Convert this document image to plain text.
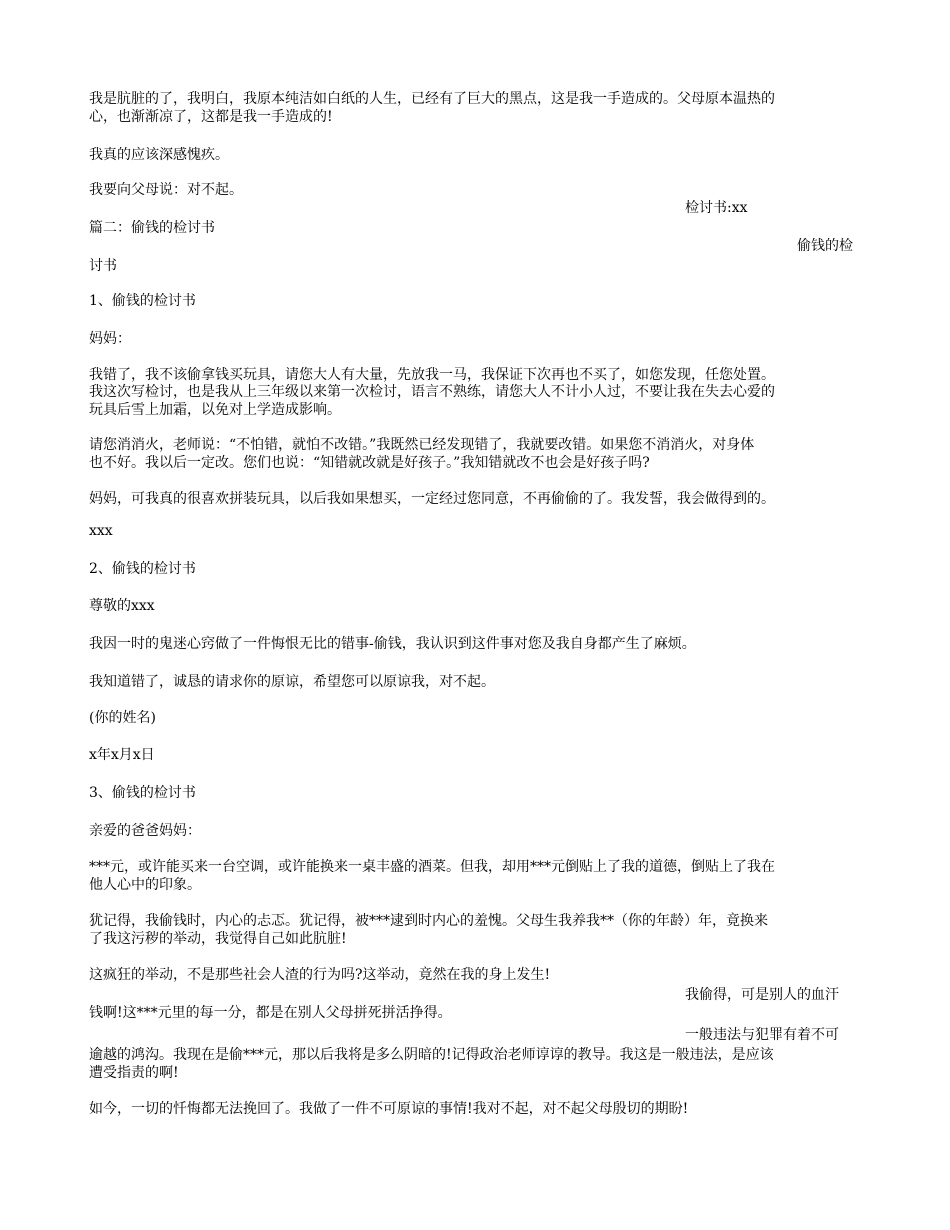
我是肮脏的了，我明白，我原本纯洁如白纸的人生，已经有了巨大的黑点，这是我一手造成的。父母原本温热的

心，也渐渐凉了，这都是我一手造成的!

我真的应该深感愧疚。

我要向父母说：对不起。

检讨书:xx

篇二：偷钱的检讨书

偷钱的检

讨书

1、偷钱的检讨书

妈妈：

我错了，我不该偷拿钱买玩具，请您大人有大量，先放我一马，我保证下次再也不买了，如您发现，任您处置。

我这次写检讨，也是我从上三年级以来第一次检讨，语言不熟练，请您大人不计小人过，不要让我在失去心爱的

玩具后雪上加霜，以免对上学造成影响。

请您消消火，老师说：“不怕错，就怕不改错。”我既然已经发现错了，我就要改错。如果您不消消火，对身体

也不好。我以后一定改。您们也说：“知错就改就是好孩子。”我知错就改不也会是好孩子吗?

妈妈，可我真的很喜欢拼装玩具，以后我如果想买，一定经过您同意，不再偷偷的了。我发誓，我会做得到的。

xxx

2、偷钱的检讨书

尊敬的xxx

我因一时的鬼迷心窍做了一件悔恨无比的错事-偷钱，我认识到这件事对您及我自身都产生了麻烦。

我知道错了，诚恳的请求你的原谅，希望您可以原谅我，对不起。

(你的姓名)

x年x月x日

3、偷钱的检讨书

亲爱的爸爸妈妈：

***元，或许能买来一台空调，或许能换来一桌丰盛的酒菜。但我，却用***元倒贴上了我的道德，倒贴上了我在

他人心中的印象。

犹记得，我偷钱时，内心的忐忑。犹记得，被***逮到时内心的羞愧。父母生我养我**（你的年龄）年，竟换来

了我这污秽的举动，我觉得自己如此肮脏!

这疯狂的举动，不是那些社会人渣的行为吗?这举动，竟然在我的身上发生!

我偷得，可是别人的血汗

钱啊!这***元里的每一分，都是在别人父母拼死拼活挣得。

一般违法与犯罪有着不可

逾越的鸿沟。我现在是偷***元，那以后我将是多么阴暗的!记得政治老师谆谆的教导。我这是一般违法，是应该

遭受指责的啊!

如今，一切的忏悔都无法挽回了。我做了一件不可原谅的事情!我对不起，对不起父母殷切的期盼!
